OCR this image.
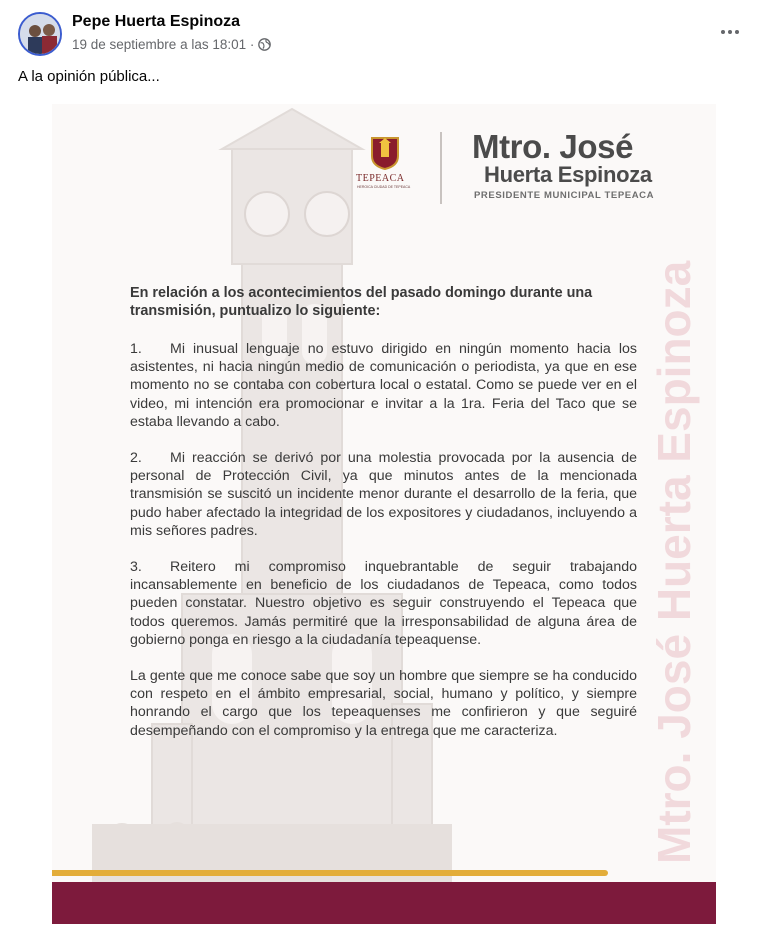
Pepe Huerta Espinoza
19 de septiembre a las 18:01 ·
A la opinión pública...
Mtro. José Huerta Espinoza
TEPEACA
HEROICA CIUDAD DE TEPEACA
Mtro. José
Huerta Espinoza
PRESIDENTE MUNICIPAL TEPEACA

En relación a los acontecimientos del pasado domingo durante una transmisión, puntualizo lo siguiente:

1. Mi inusual lenguaje no estuvo dirigido en ningún momento hacia los asistentes, ni hacia ningún medio de comunicación o periodista, ya que en ese momento no se contaba con cobertura local o estatal. Como se puede ver en el video, mi intención era promocionar e invitar a la 1ra. Feria del Taco que se estaba llevando a cabo.

2. Mi reacción se derivó por una molestia provocada por la ausencia de personal de Protección Civil, ya que minutos antes de la mencionada transmisión se suscitó un incidente menor durante el desarrollo de la feria, que pudo haber afectado la integridad de los expositores y ciudadanos, incluyendo a mis señores padres.

3. Reitero mi compromiso inquebrantable de seguir trabajando incansablemente en beneficio de los ciudadanos de Tepeaca, como todos pueden constatar. Nuestro objetivo es seguir construyendo el Tepeaca que todos queremos. Jamás permitiré que la irresponsabilidad de alguna área de gobierno ponga en riesgo a la ciudadanía tepeaquense.

La gente que me conoce sabe que soy un hombre que siempre se ha conducido con respeto en el ámbito empresarial, social, humano y político, y siempre honrando el cargo que los tepeaquenses me confirieron y que seguiré desempeñando con el compromiso y la entrega que me caracteriza.
